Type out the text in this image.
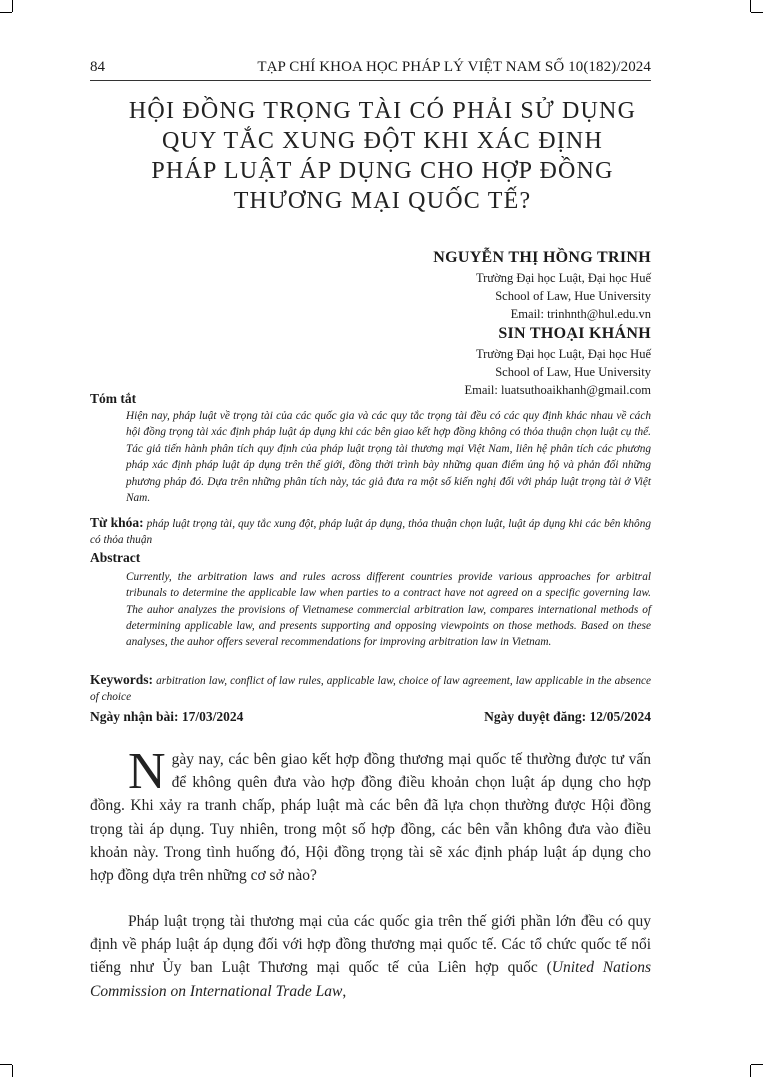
84	TẠP CHÍ KHOA HỌC PHÁP LÝ VIỆT NAM SỐ 10(182)/2024
HỘI ĐỒNG TRỌNG TÀI CÓ PHẢI SỬ DỤNG
QUY TẮC XUNG ĐỘT KHI XÁC ĐỊNH
PHÁP LUẬT ÁP DỤNG CHO HỢP ĐỒNG
THƯƠNG MẠI QUỐC TẾ?
NGUYỄN THỊ HỒNG TRINH
Trường Đại học Luật, Đại học Huế
School of Law, Hue University
Email: trinhnth@hul.edu.vn
SIN THOẠI KHÁNH
Trường Đại học Luật, Đại học Huế
School of Law, Hue University
Email: luatsuthoaikhanh@gmail.com
Tóm tắt
Hiện nay, pháp luật về trọng tài của các quốc gia và các quy tắc trọng tài đều có các quy định khác nhau về cách hội đồng trọng tài xác định pháp luật áp dụng khi các bên giao kết hợp đồng không có thỏa thuận chọn luật cụ thể. Tác giả tiến hành phân tích quy định của pháp luật trọng tài thương mại Việt Nam, liên hệ phân tích các phương pháp xác định pháp luật áp dụng trên thế giới, đồng thời trình bày những quan điểm ủng hộ và phản đối những phương pháp đó. Dựa trên những phân tích này, tác giả đưa ra một số kiến nghị đối với pháp luật trọng tài ở Việt Nam.
Từ khóa: pháp luật trọng tài, quy tắc xung đột, pháp luật áp dụng, thỏa thuận chọn luật, luật áp dụng khi các bên không có thỏa thuận
Abstract
Currently, the arbitration laws and rules across different countries provide various approaches for arbitral tribunals to determine the applicable law when parties to a contract have not agreed on a specific governing law. The auhor analyzes the provisions of Vietnamese commercial arbitration law, compares international methods of determining applicable law, and presents supporting and opposing viewpoints on those methods. Based on these analyses, the auhor offers several recommendations for improving arbitration law in Vietnam.
Keywords: arbitration law, conflict of law rules, applicable law, choice of law agreement, law applicable in the absence of choice
Ngày nhận bài: 17/03/2024	Ngày duyệt đăng: 12/05/2024
Ngày nay, các bên giao kết hợp đồng thương mại quốc tế thường được tư vấn để không quên đưa vào hợp đồng điều khoản chọn luật áp dụng cho hợp đồng. Khi xảy ra tranh chấp, pháp luật mà các bên đã lựa chọn thường được Hội đồng trọng tài áp dụng. Tuy nhiên, trong một số hợp đồng, các bên vẫn không đưa vào điều khoản này. Trong tình huống đó, Hội đồng trọng tài sẽ xác định pháp luật áp dụng cho hợp đồng dựa trên những cơ sở nào?
Pháp luật trọng tài thương mại của các quốc gia trên thế giới phần lớn đều có quy định về pháp luật áp dụng đối với hợp đồng thương mại quốc tế. Các tổ chức quốc tế nổi tiếng như Ủy ban Luật Thương mại quốc tế của Liên hợp quốc (United Nations Commission on International Trade Law,
